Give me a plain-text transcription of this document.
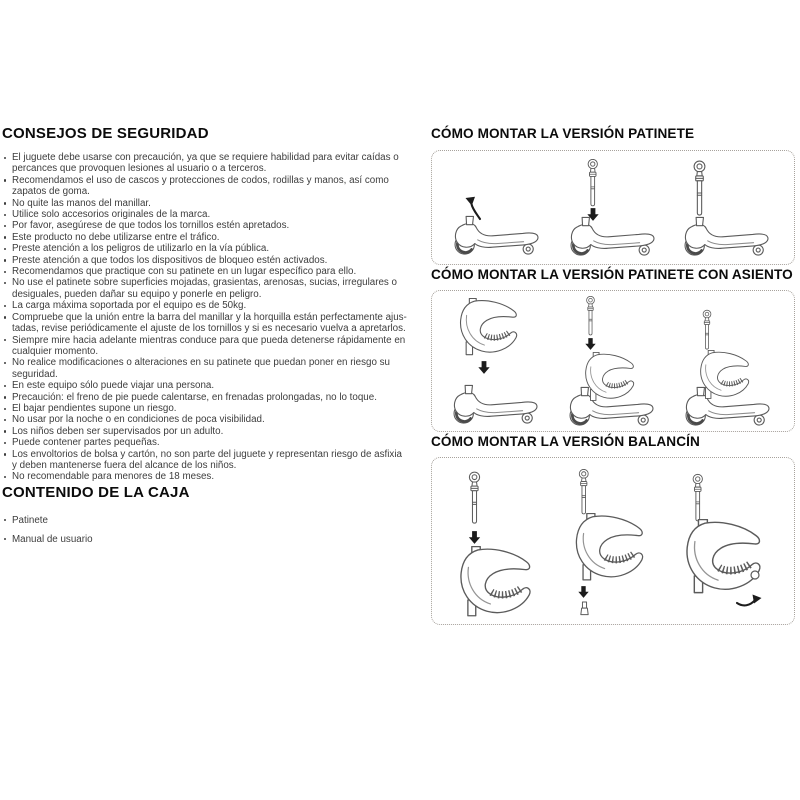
CONSEJOS DE SEGURIDAD
El juguete debe usarse con precaución, ya que se requiere habilidad para evitar caídas o percances que provoquen lesiones al usuario o a terceros.
Recomendamos el uso de cascos y protecciones de codos, rodillas y manos, así como zapatos de goma.
No quite las manos del manillar.
Utilice solo accesorios originales de la marca.
Por favor, asegúrese de que todos los tornillos estén apretados.
Este producto no debe utilizarse entre el tráfico.
Preste atención a los peligros de utilizarlo en la vía pública.
Preste atención a que todos los dispositivos de bloqueo estén activados.
Recomendamos que practique con su patinete en un lugar específico para ello.
No use el patinete sobre superficies mojadas, grasientas, arenosas, sucias, irregulares o desiguales, pueden dañar su equipo y ponerle en peligro.
La carga máxima soportada por el equipo es de 50kg.
Compruebe que la unión entre la barra del manillar y la horquilla están perfectamente ajus-tadas, revise periódicamente el ajuste de los tornillos y si es necesario vuelva a apretarlos.
Siempre mire hacia adelante mientras conduce para que pueda detenerse rápidamente en cualquier momento.
No realice modificaciones o alteraciones en su patinete que puedan poner en riesgo su seguridad.
En este equipo sólo puede viajar una persona.
Precaución: el freno de pie puede calentarse, en frenadas prolongadas, no lo toque.
El bajar pendientes supone un riesgo.
No usar por la noche o en condiciones de poca visibilidad.
Los niños deben ser supervisados por un adulto.
Puede contener partes pequeñas.
Los envoltorios de bolsa y cartón, no son parte del juguete y representan riesgo de asfixia y deben mantenerse fuera del alcance de los niños.
No recomendable para menores de 18 meses.
CONTENIDO DE LA CAJA
Patinete
Manual de usuario
CÓMO MONTAR LA VERSIÓN PATINETE
CÓMO MONTAR LA VERSIÓN PATINETE CON ASIENTO
CÓMO MONTAR LA VERSIÓN BALANCÍN
